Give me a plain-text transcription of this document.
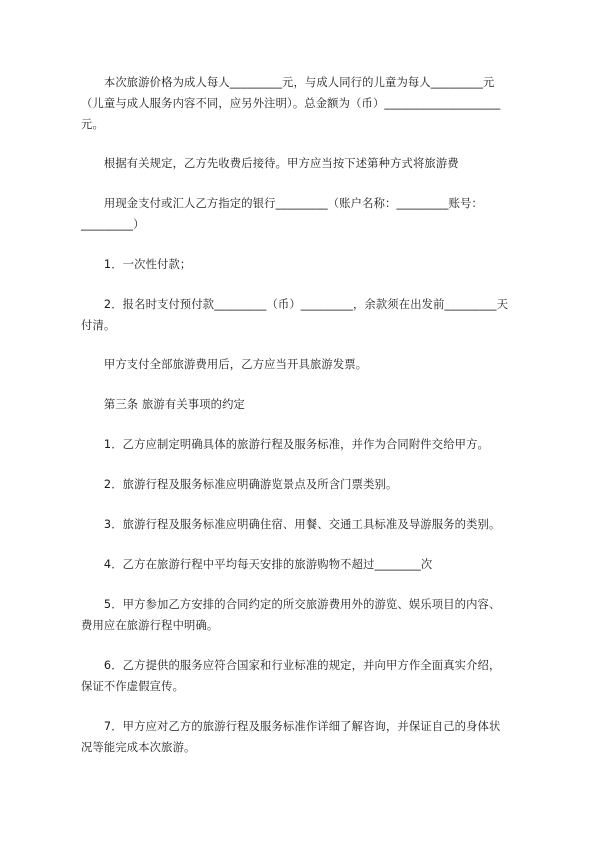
　　本次旅游价格为成人每人_________元，与成人同行的儿童为每人_________元
（儿童与成人服务内容不同，应另外注明）。总金额为（币）____________________
元。
　　根据有关规定，乙方先收费后接待。甲方应当按下述第种方式将旅游费
　　用现金支付或汇人乙方指定的银行_________（账户名称：_________账号：
_________）
　　1．一次性付款；
　　2．报名时支付预付款_________（币）_________，余款须在出发前_________天
付清。
　　甲方支付全部旅游费用后，乙方应当开具旅游发票。
　　第三条 旅游有关事项的约定
　　1．乙方应制定明确具体的旅游行程及服务标准，并作为合同附件交给甲方。
　　2．旅游行程及服务标准应明确游览景点及所含门票类别。
　　3．旅游行程及服务标准应明确住宿、用餐、交通工具标准及导游服务的类别。
　　4．乙方在旅游行程中平均每天安排的旅游购物不超过________次
　　5．甲方参加乙方安排的合同约定的所交旅游费用外的游览、娱乐项目的内容、
费用应在旅游行程中明确。
　　6．乙方提供的服务应符合国家和行业标准的规定，并向甲方作全面真实介绍，
保证不作虚假宣传。
　　7．甲方应对乙方的旅游行程及服务标准作详细了解咨询，并保证自己的身体状
况等能完成本次旅游。
